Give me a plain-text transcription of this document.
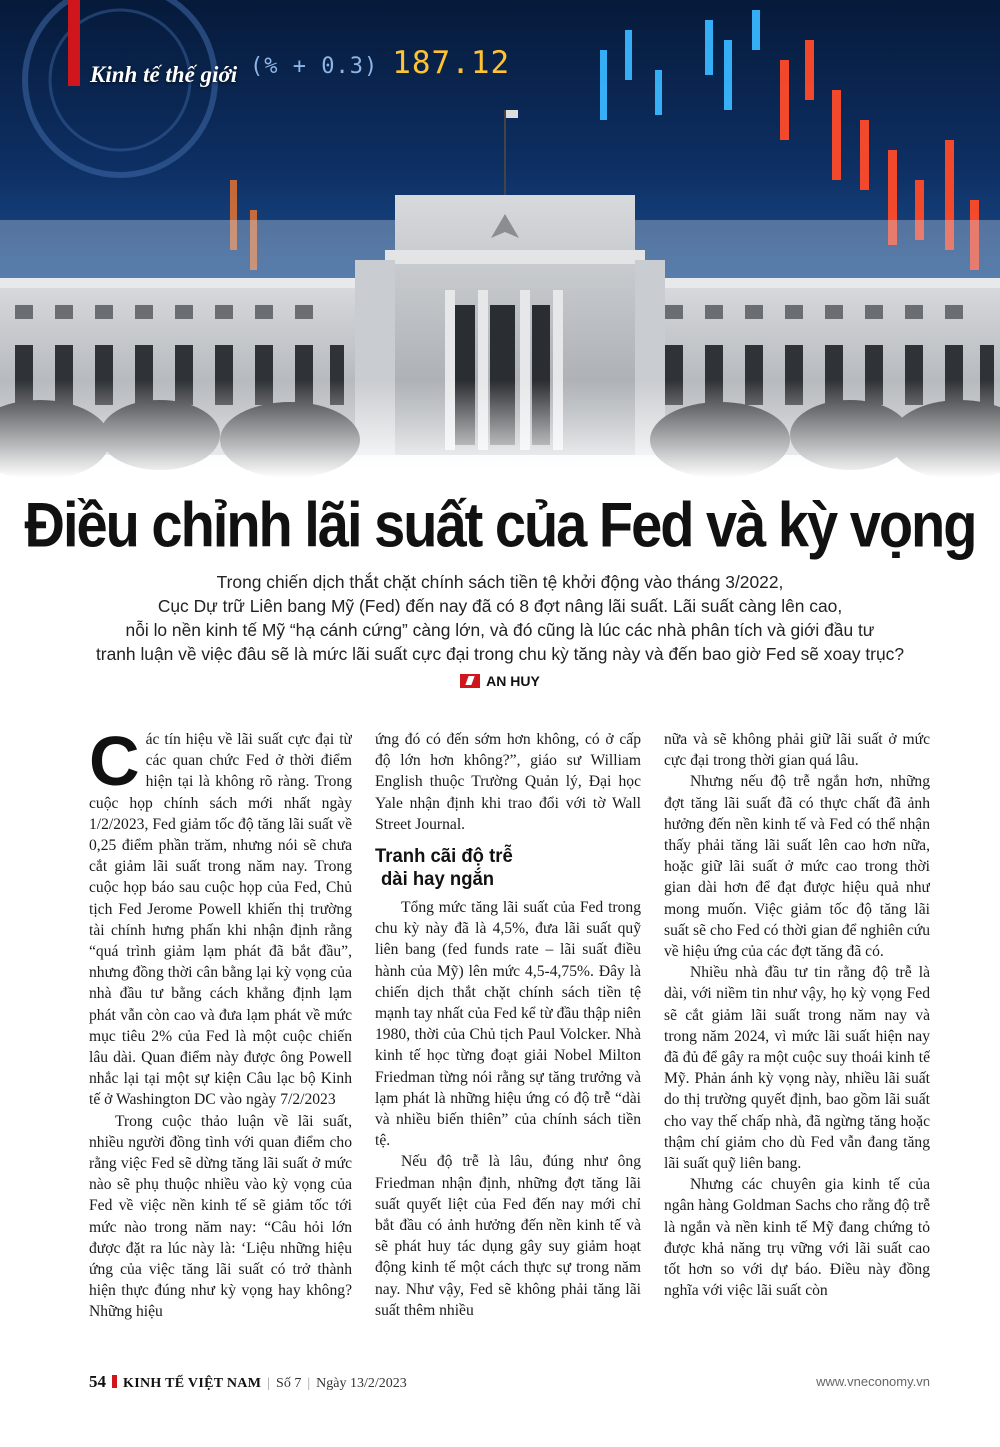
(% + 0.3) 187.12
Kinh tế thế giới
Điều chỉnh lãi suất của Fed và kỳ vọng

Trong chiến dịch thắt chặt chính sách tiền tệ khởi động vào tháng 3/2022,
Cục Dự trữ Liên bang Mỹ (Fed) đến nay đã có 8 đợt nâng lãi suất. Lãi suất càng lên cao,
nỗi lo nền kinh tế Mỹ “hạ cánh cứng” càng lớn, và đó cũng là lúc các nhà phân tích và giới đầu tư
tranh luận về việc đâu sẽ là mức lãi suất cực đại trong chu kỳ tăng này và đến bao giờ Fed sẽ xoay trục?

AN HUY

Các tín hiệu về lãi suất cực đại từ các quan chức Fed ở thời điểm hiện tại là không rõ ràng. Trong cuộc họp chính sách mới nhất ngày 1/2/2023, Fed giảm tốc độ tăng lãi suất về 0,25 điểm phần trăm, nhưng nói sẽ chưa cắt giảm lãi suất trong năm nay. Trong cuộc họp báo sau cuộc họp của Fed, Chủ tịch Fed Jerome Powell khiến thị trường tài chính hưng phấn khi nhận định rằng “quá trình giảm lạm phát đã bắt đầu”, nhưng đồng thời cân bằng lại kỳ vọng của nhà đầu tư bằng cách khẳng định lạm phát vẫn còn cao và đưa lạm phát về mức mục tiêu 2% của Fed là một cuộc chiến lâu dài. Quan điểm này được ông Powell nhắc lại tại một sự kiện Câu lạc bộ Kinh tế ở Washington DC vào ngày 7/2/2023

Trong cuộc thảo luận về lãi suất, nhiều người đồng tình với quan điểm cho rằng việc Fed sẽ dừng tăng lãi suất ở mức nào sẽ phụ thuộc nhiều vào kỳ vọng của Fed về việc nền kinh tế sẽ giảm tốc tới mức nào trong năm nay: “Câu hỏi lớn được đặt ra lúc này là: ‘Liệu những hiệu ứng của việc tăng lãi suất có trở thành hiện thực đúng như kỳ vọng hay không? Những hiệu

ứng đó có đến sớm hơn không, có ở cấp độ lớn hơn không?”, giáo sư William English thuộc Trường Quản lý, Đại học Yale nhận định khi trao đổi với tờ Wall Street Journal.

Tranh cãi độ trễ
dài hay ngắn

Tổng mức tăng lãi suất của Fed trong chu kỳ này đã là 4,5%, đưa lãi suất quỹ liên bang (fed funds rate – lãi suất điều hành của Mỹ) lên mức 4,5-4,75%. Đây là chiến dịch thắt chặt chính sách tiền tệ mạnh tay nhất của Fed kể từ đầu thập niên 1980, thời của Chủ tịch Paul Volcker. Nhà kinh tế học từng đoạt giải Nobel Milton Friedman từng nói rằng sự tăng trưởng và lạm phát là những hiệu ứng có độ trễ “dài và nhiều biến thiên” của chính sách tiền tệ.

Nếu độ trễ là lâu, đúng như ông Friedman nhận định, những đợt tăng lãi suất quyết liệt của Fed đến nay mới chỉ bắt đầu có ảnh hưởng đến nền kinh tế và sẽ phát huy tác dụng gây suy giảm hoạt động kinh tế một cách thực sự trong năm nay. Như vậy, Fed sẽ không phải tăng lãi suất thêm nhiều

nữa và sẽ không phải giữ lãi suất ở mức cực đại trong thời gian quá lâu.

Nhưng nếu độ trễ ngắn hơn, những đợt tăng lãi suất đã có thực chất đã ảnh hưởng đến nền kinh tế và Fed có thể nhận thấy phải tăng lãi suất lên cao hơn nữa, hoặc giữ lãi suất ở mức cao trong thời gian dài hơn để đạt được hiệu quả như mong muốn. Việc giảm tốc độ tăng lãi suất sẽ cho Fed có thời gian để nghiên cứu về hiệu ứng của các đợt tăng đã có.

Nhiều nhà đầu tư tin rằng độ trễ là dài, với niềm tin như vậy, họ kỳ vọng Fed sẽ cắt giảm lãi suất trong năm nay và trong năm 2024, vì mức lãi suất hiện nay đã đủ để gây ra một cuộc suy thoái kinh tế Mỹ. Phản ánh kỳ vọng này, nhiều lãi suất do thị trường quyết định, bao gồm lãi suất cho vay thế chấp nhà, đã ngừng tăng hoặc thậm chí giảm cho dù Fed vẫn đang tăng lãi suất quỹ liên bang.

Nhưng các chuyên gia kinh tế của ngân hàng Goldman Sachs cho rằng độ trễ là ngắn và nền kinh tế Mỹ đang chứng tỏ được khả năng trụ vững với lãi suất cao tốt hơn so với dự báo. Điều này đồng nghĩa với việc lãi suất còn

54 KINH TẾ VIỆT NAM | Số 7 | Ngày 13/2/2023	www.vneconomy.vn
